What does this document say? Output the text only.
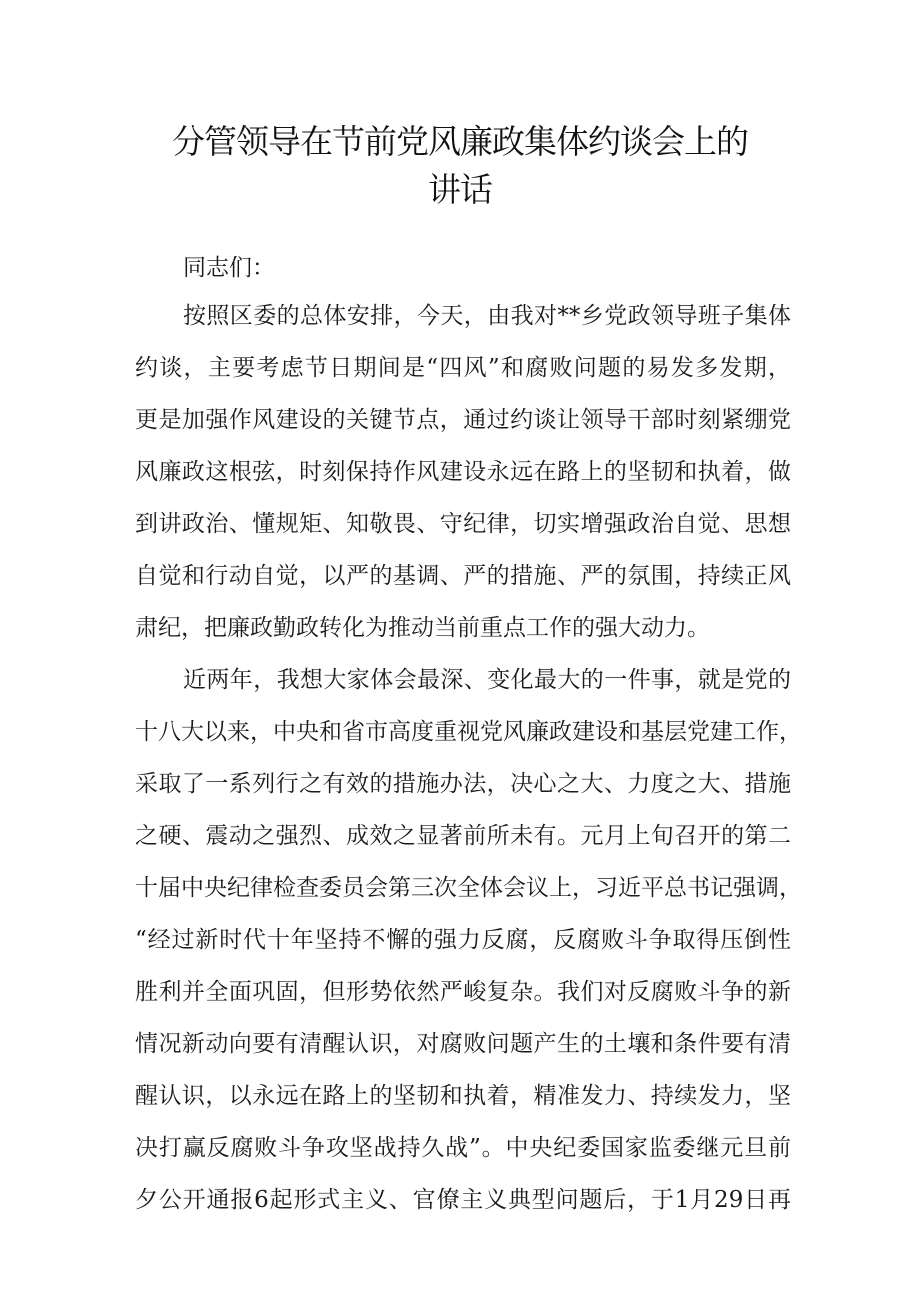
分管领导在节前党风廉政集体约谈会上的
讲话
同志们：
按照区委的总体安排，今天，由我对**乡党政领导班子集体
约谈，主要考虑节日期间是“四风”和腐败问题的易发多发期，
更是加强作风建设的关键节点，通过约谈让领导干部时刻紧绷党
风廉政这根弦，时刻保持作风建设永远在路上的坚韧和执着，做
到讲政治、懂规矩、知敬畏、守纪律，切实增强政治自觉、思想
自觉和行动自觉，以严的基调、严的措施、严的氛围，持续正风
肃纪，把廉政勤政转化为推动当前重点工作的强大动力。
近两年，我想大家体会最深、变化最大的一件事，就是党的
十八大以来，中央和省市高度重视党风廉政建设和基层党建工作，
采取了一系列行之有效的措施办法，决心之大、力度之大、措施
之硬、震动之强烈、成效之显著前所未有。元月上旬召开的第二
十届中央纪律检查委员会第三次全体会议上，习近平总书记强调，
“经过新时代十年坚持不懈的强力反腐，反腐败斗争取得压倒性
胜利并全面巩固，但形势依然严峻复杂。我们对反腐败斗争的新
情况新动向要有清醒认识，对腐败问题产生的土壤和条件要有清
醒认识，以永远在路上的坚韧和执着，精准发力、持续发力，坚
决打赢反腐败斗争攻坚战持久战”。中央纪委国家监委继元旦前
夕公开通报6起形式主义、官僚主义典型问题后，于1月29日再
